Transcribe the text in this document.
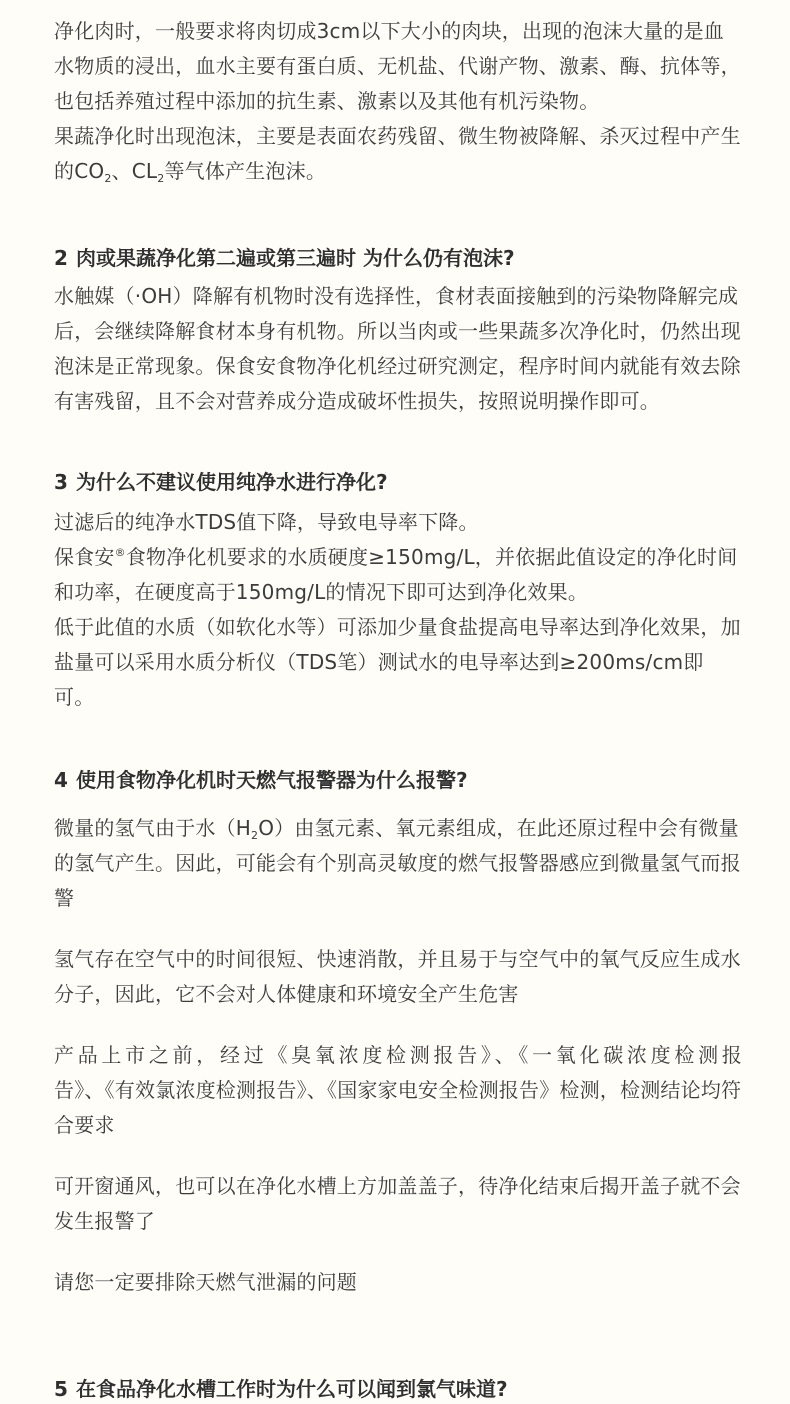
净化肉时，一般要求将肉切成3cm以下大小的肉块，出现的泡沫大量的是血水物质的浸出，血水主要有蛋白质、无机盐、代谢产物、激素、酶、抗体等，也包括养殖过程中添加的抗生素、激素以及其他有机污染物。

果蔬净化时出现泡沫，主要是表面农药残留、微生物被降解、杀灭过程中产生的$CO_2$、$CL_2$等气体产生泡沫。

2 肉或果蔬净化第二遍或第三遍时 为什么仍有泡沫?

水触媒（·OH）降解有机物时没有选择性，食材表面接触到的污染物降解完成后，会继续降解食材本身有机物。所以当肉或一些果蔬多次净化时，仍然出现泡沫是正常现象。保食安食物净化机经过研究测定，程序时间内就能有效去除有害残留，且不会对营养成分造成破坏性损失，按照说明操作即可。

3 为什么不建议使用纯净水进行净化?

过滤后的纯净水TDS值下降，导致电导率下降。

保食安®食物净化机要求的水质硬度≥150mg/L，并依据此值设定的净化时间和功率，在硬度高于150mg/L的情况下即可达到净化效果。

低于此值的水质（如软化水等）可添加少量食盐提高电导率达到净化效果，加盐量可以采用水质分析仪（TDS笔）测试水的电导率达到≥200ms/cm即可。

4 使用食物净化机时天燃气报警器为什么报警?

微量的氢气由于水$(H_2O)$由氢元素、氧元素组成，在此还原过程中会有微量的氢气产生。因此，可能会有个别高灵敏度的燃气报警器感应到微量氢气而报警

氢气存在空气中的时间很短、快速消散，并且易于与空气中的氧气反应生成水分子，因此，它不会对人体健康和环境安全产生危害

产品上市之前，经过《臭氧浓度检测报告》、《一氧化碳浓度检测报

告》、《有效氯浓度检测报告》、《国家家电安全检测报告》检测，检测结论均符合要求

可开窗通风，也可以在净化水槽上方加盖盖子，待净化结束后揭开盖子就不会发生报警了

请您一定要排除天燃气泄漏的问题

5 在食品净化水槽工作时为什么可以闻到氯气味道?
